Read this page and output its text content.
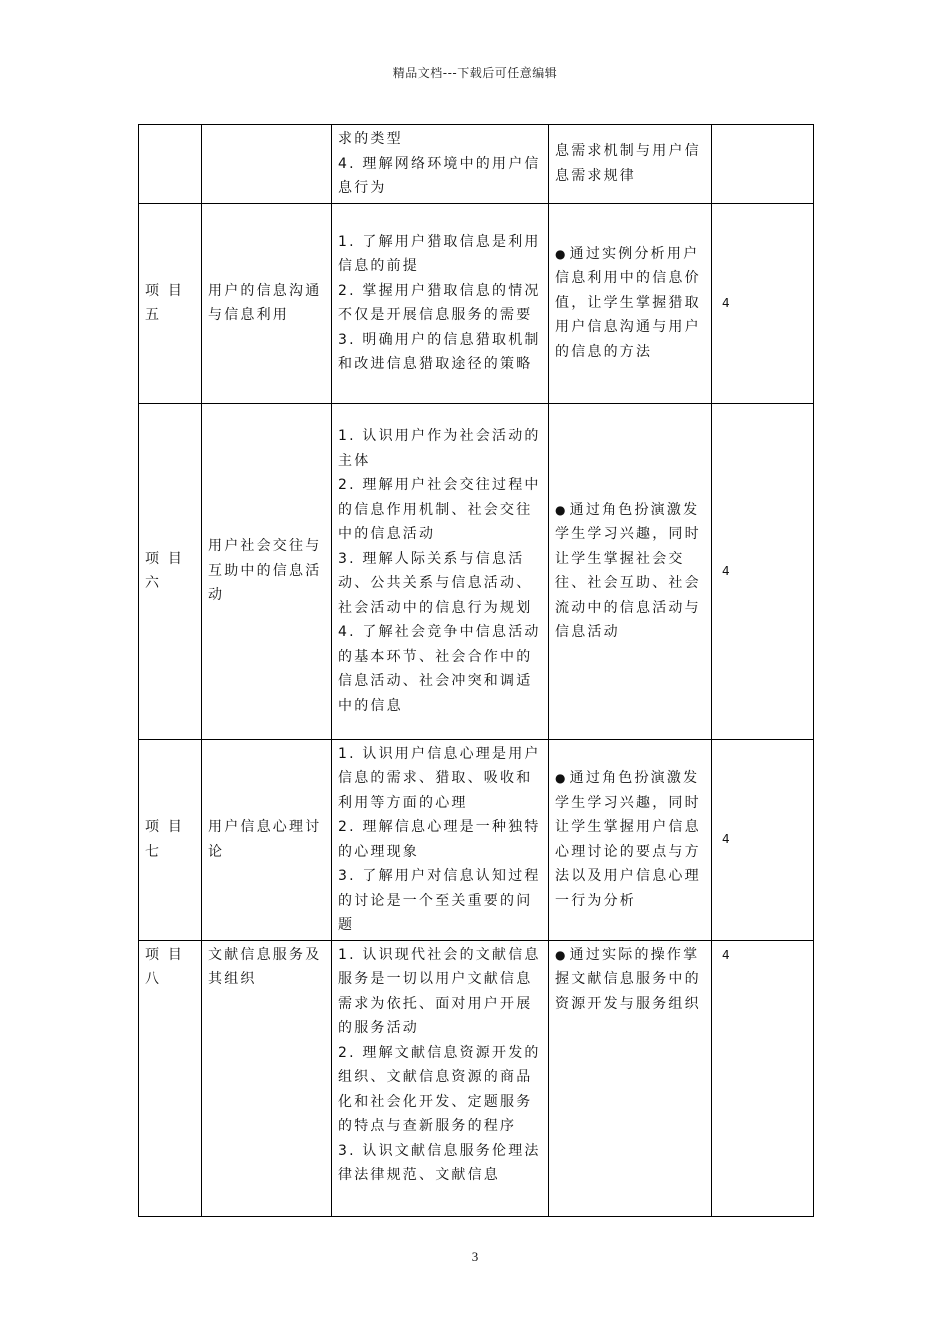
精品文档---下载后可任意编辑

		求的类型
4. 理解网络环境中的用户信息行为	息需求机制与用户信息需求规律	
项 目五	用户的信息沟通与信息利用	1. 了解用户猎取信息是利用信息的前提
2. 掌握用户猎取信息的情况不仅是开展信息服务的需要
3. 明确用户的信息猎取机制和改进信息猎取途径的策略	● 通过实例分析用户信息利用中的信息价值，让学生掌握猎取用户信息沟通与用户的信息的方法	4
项 目六	用户社会交往与互助中的信息活动	1. 认识用户作为社会活动的主体
2. 理解用户社会交往过程中的信息作用机制、社会交往中的信息活动
3. 理解人际关系与信息活动、公共关系与信息活动、社会活动中的信息行为规划
4. 了解社会竞争中信息活动的基本环节、社会合作中的信息活动、社会冲突和调适中的信息	● 通过角色扮演激发学生学习兴趣，同时让学生掌握社会交往、社会互助、社会流动中的信息活动与信息活动	4
项 目七	用户信息心理讨论	1. 认识用户信息心理是用户信息的需求、猎取、吸收和利用等方面的心理
2. 理解信息心理是一种独特的心理现象
3. 了解用户对信息认知过程的讨论是一个至关重要的问题	● 通过角色扮演激发学生学习兴趣，同时让学生掌握用户信息心理讨论的要点与方法以及用户信息心理一行为分析	4
项 目八	文献信息服务及其组织	1. 认识现代社会的文献信息服务是一切以用户文献信息需求为依托、面对用户开展的服务活动
2. 理解文献信息资源开发的组织、文献信息资源的商品化和社会化开发、定题服务的特点与查新服务的程序
3. 认识文献信息服务伦理法律法律规范、文献信息	● 通过实际的操作掌握文献信息服务中的资源开发与服务组织	4
3
